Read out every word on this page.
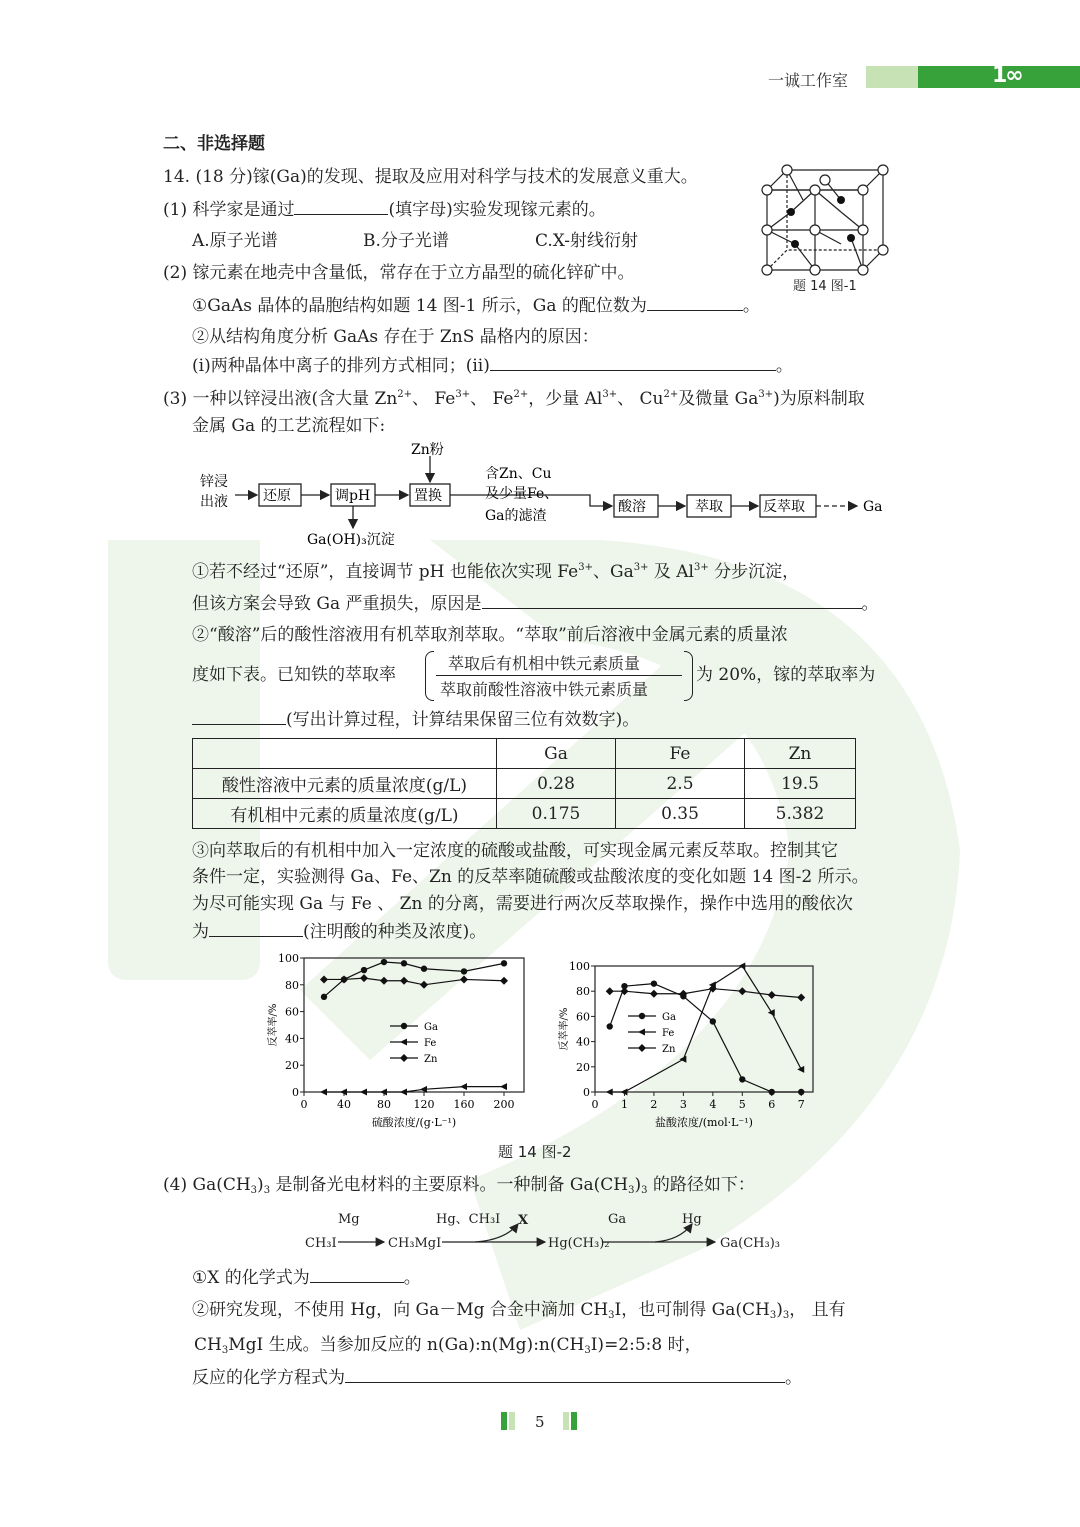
一诚工作室	1∞
二、非选择题
14. (18 分)镓(Ga)的发现、提取及应用对科学与技术的发展意义重大。
(1) 科学家是通过	(填字母)实验发现镓元素的。
A.原子光谱	B.分子光谱	C.X-射线衍射
(2) 镓元素在地壳中含量低，常存在于立方晶型的硫化锌矿中。
①GaAs 晶体的晶胞结构如题 14 图-1 所示，Ga 的配位数为	。
②从结构角度分析 GaAs 存在于 ZnS 晶格内的原因：
(i)两种晶体中离子的排列方式相同；(ii)	。
题 14 图-1
(3) 一种以锌浸出液(含大量 $Zn^{2+}$、 $Fe^{3+}$、 $Fe^{2+}$，少量 $Al^{3+}$、 $Cu^{2+}$及微量 $Ga^{3+}$)为原料制取
金属 Ga 的工艺流程如下:
锌浸
出液
Zn粉
还原	调pH	置换
酸溶	萃取	反萃取
含Zn、Cu
及少量Fe、
Ga的滤渣
Ga(OH)₃沉淀
Ga
①若不经过“还原”，直接调节 pH 也能依次实现 $Fe^{3+}$、$Ga^{3+}$ 及 $Al^{3+}$ 分步沉淀，
但该方案会导致 Ga 严重损失，原因是	。
②“酸溶”后的酸性溶液用有机萃取剂萃取。“萃取”前后溶液中金属元素的质量浓
度如下表。已知铁的萃取率
萃取后有机相中铁元素质量
萃取前酸性溶液中铁元素质量
为 20%，镓的萃取率为
(写出计算过程，计算结果保留三位有效数字)。
	Ga	Fe	Zn
酸性溶液中元素的质量浓度(g/L)	0.28	2.5	19.5
有机相中元素的质量浓度(g/L)	0.175	0.35	5.382
③向萃取后的有机相中加入一定浓度的硫酸或盐酸，可实现金属元素反萃取。控制其它
条件一定，实验测得 Ga、Fe、Zn 的反萃率随硫酸或盐酸浓度的变化如题 14 图-2 所示。
为尽可能实现 Ga 与 Fe 、 Zn 的分离，需要进行两次反萃取操作，操作中选用的酸依次
为	(注明酸的种类及浓度)。
0	40 80 120 160 200
0
20
40
60
80
100
硫酸浓度/(g·L⁻¹)
反萃率/%	Ga
Fe
Zn
0 1 2 3 4 5 6 7
0
20
40
60
80
100
盐酸浓度/(mol·L⁻¹)
反萃率/%	Ga
Fe
Zn
题 14 图-2
(4) $Ga(CH_3)_3$ 是制备光电材料的主要原料。一种制备 $Ga(CH_3)_3$ 的路径如下：
CH₃I
Mg
CH₃MgI
Hg、CH₃I X
Hg(CH₃)₂
Ga	Hg
Ga(CH₃)₃
①X 的化学式为	。
②研究发现，不使用 Hg，向 Ga－Mg 合金中滴加 $CH_3I$，也可制得 $Ga(CH_3)_3$， 且有
$CH_3MgI$ 生成。当参加反应的 $n(Ga):n(Mg):n(CH_3I)=2:5:8$ 时，
反应的化学方程式为	。
5
